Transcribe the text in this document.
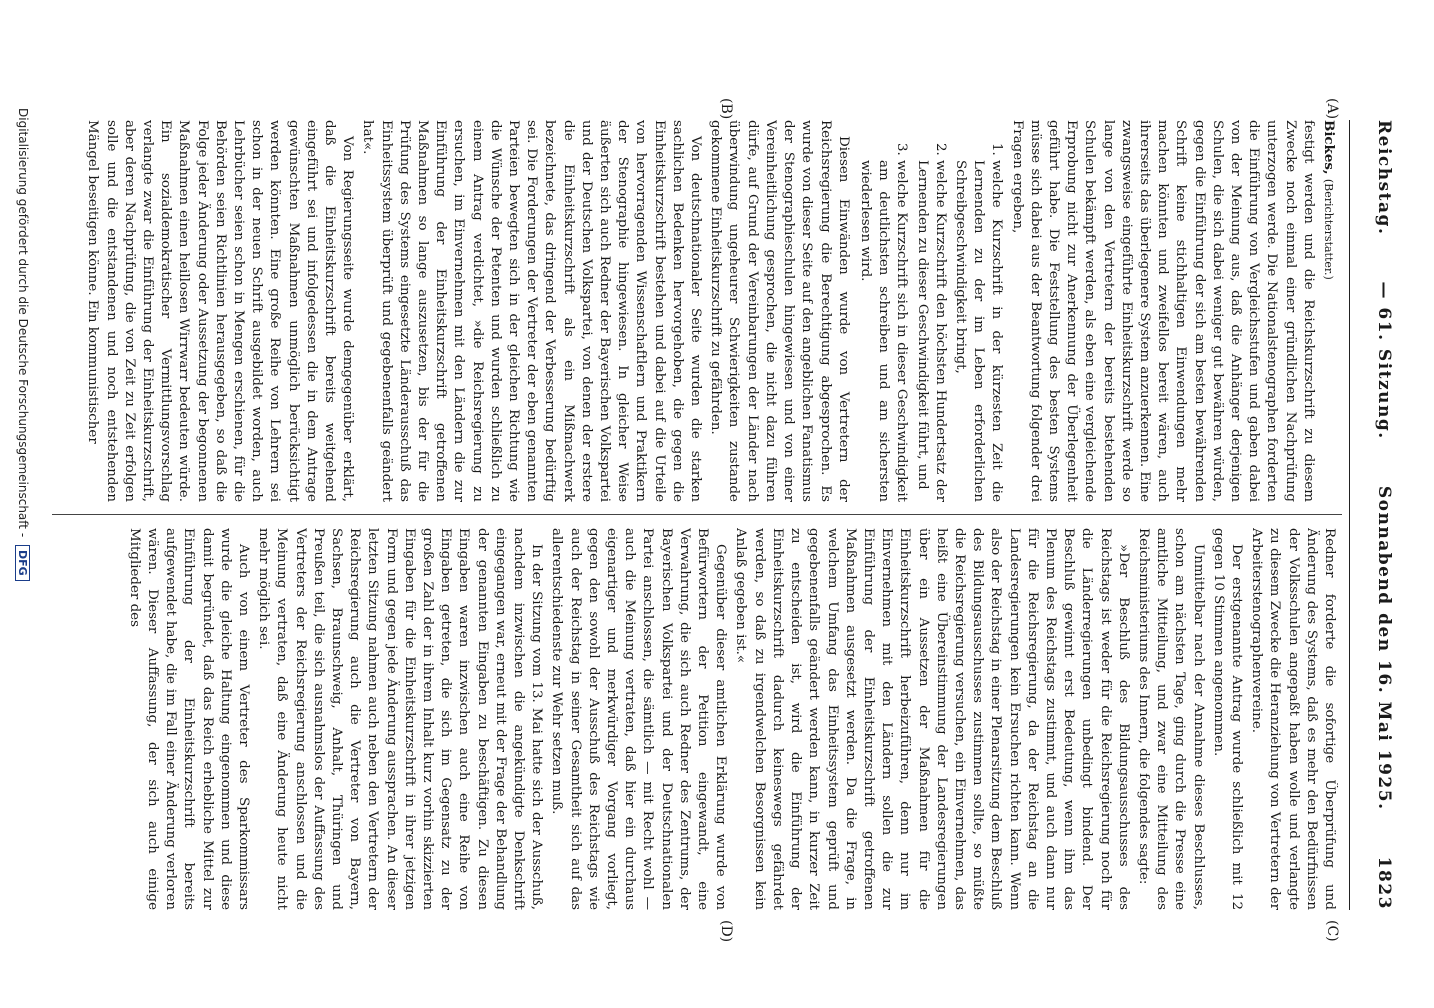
Reichstag.
— 61. Sitzung.
Sonnabend den 16. Mai 1925.
1823
(A)
(B)
(C)
(D)

Bickes, (Berichterstatter.)

festigt werden und die Reichskurzschrift zu diesem Zwecke noch einmal einer gründlichen Nachprüfung unterzogen werde. Die Nationalstenographen forderten die Einführung von Vergleichsstufen und gaben dabei von der Meinung aus, daß die Anhänger derjenigen Schulen, die sich dabei weniger gut bewähren würden, gegen die Einführung der sich am besten bewährenden Schrift keine stichhaltigen Einwendungen mehr machen könnten und zweifellos bereit wären, auch ihrerseits das überlegenere System anzuerkennen. Eine zwangsweise eingeführte Einheitskurzschrift werde so lange von den Vertretern der bereits bestehenden Schulen bekämpft werden, als eben eine vergleichende Erprobung nicht zur Anerkennung der Überlegenheit geführt habe. Die Feststellung des besten Systems müsse sich dabei aus der Beantwortung folgender drei Fragen ergeben,

1. welche Kurzschrift in der kürzesten Zeit die Lernenden zu der im Leben erforderlichen Schreibgeschwindigkeit bringt,
2. welche Kurzschrift den höchsten Hundertsatz der Lernenden zu dieser Geschwindigkeit führt, und
3. welche Kurzschrift sich in dieser Geschwindigkeit am deutlichsten schreiben und am sichersten wiederlesen wird.

Diesen Einwänden wurde von Vertretern der Reichsregierung die Berechtigung abgesprochen. Es wurde von dieser Seite auf den angeblichen Fanatismus der Stenographieschulen hingewiesen und von einer Vereinheitlichung gesprochen, die nicht dazu führen dürfe, auf Grund der Vereinbarungen der Länder nach überwindung ungeheurer Schwierigkeiten zustande gekommene Einheitskurzschrift zu gefährden.

Von deutschnationaler Seite wurden die starken sachlichen Bedenken hervorgehoben, die gegen die Einheitskurzschrift bestehen und dabei auf die Urteile von hervorragenden Wissenschaftlern und Praktikern der Stenographie hingewiesen. In gleicher Weise äußerten sich auch Redner der Bayerischen Volkspartei und der Deutschen Volkspartei, von denen der erstere die Einheitskurzschrift als ein Mißmachwerk bezeichnete, das dringend der Verbesserung bedürftig sei. Die Forderungen der Vertreter der eben genannten Parteien bewegten sich in der gleichen Richtung wie die Wünsche der Petenten und wurden schließlich zu einem Antrag verdichtet, »die Reichsregierung zu ersuchen, im Einvernehmen mit den Ländern die zur Einführung der Einheitskurzschrift getroffenen Maßnahmen so lange auszusetzen, bis der für die Prüfung des Systems eingesetzte Länderausschuß das Einheitssystem überprüft und gegebenenfalls geändert hat«.

Von Regierungsseite wurde demgegenüber erklärt, daß die Einheitskurzschrift bereits weitgehend eingeführt sei und infolgedessen die in dem Antrage gewünschten Maßnahmen unmöglich berücksichtigt werden könnten. Eine große Reihe von Lehrern sei schon in der neuen Schrift ausgebildet worden, auch Lehrbücher seien schon in Mengen erschienen, für die Behörden seien Richtlinien herausgegeben, so daß die Folge jeder Änderung oder Aussetzung der begonnenen Maßnahmen einen heillosen Wirrwarr bedeuten würde. Ein sozialdemokratischer Vermittlungsvorschlag verlangte zwar die Einführung der Einheitskurzschrift, aber deren Nachprüfung, die von Zeit zu Zeit erfolgen solle und die entstandenen und noch entstehenden Mängel beseitigen könne. Ein kommunistischer

Redner forderte die sofortige Überprüfung und Änderung des Systems, daß es mehr den Bedürfnissen der Volksschulen angepaßt haben wolle und verlangte zu diesem Zwecke die Heranziehung von Vertretern der Arbeiterstenographenvereine.

Der erstgenannte Antrag wurde schließlich mit 12 gegen 10 Stimmen angenommen.

Unmittelbar nach der Annahme dieses Beschlusses, schon am nächsten Tage, ging durch die Presse eine amtliche Mitteilung, und zwar eine Mitteilung des Reichsministeriums des Innern, die folgendes sagte:

»Der Beschluß des Bildungsausschusses des Reichstags ist weder für die Reichsregierung noch für die Länderregierungen unbedingt bindend. Der Beschluß gewinnt erst Bedeutung, wenn ihm das Plenum des Reichstags zustimmt, und auch dann nur für die Reichsregierung, da der Reichstag an die Landesregierungen kein Ersuchen richten kann. Wenn also der Reichstag in einer Plenarsitzung dem Beschluß des Bildungsausschusses zustimmen sollte, so müßte die Reichsregierung versuchen, ein Einvernehmen, das heißt eine Übereinstimmung der Landesregierungen über ein Aussetzen der Maßnahmen für die Einheitskurzschrift herbeizuführen, denn nur im Einvernehmen mit den Ländern sollen die zur Einführung der Einheitskurzschrift getroffenen Maßnahmen ausgesetzt werden. Da die Frage, in welchem Umfang das Einheitssystem geprüft und gegebenenfalls geändert werden kann, in kurzer Zeit zu entscheiden ist, wird die Einführung der Einheitskurzschrift dadurch keineswegs gefährdet werden, so daß zu irgendwelchen Besorgnissen kein Anlaß gegeben ist.«

Gegenüber dieser amtlichen Erklärung wurde von Befürwortern der Petition eingewandt, eine Verwahrung, die sich auch Redner des Zentrums, der Bayerischen Volkspartei und der Deutschnationalen Partei anschlossen, die sämtlich — mit Recht wohl — auch die Meinung vertraten, daß hier ein durchaus eigenartiger und merkwürdiger Vorgang vorliegt, gegen den sowohl der Ausschuß des Reichstags wie auch der Reichstag in seiner Gesamtheit sich auf das allerentschiedenste zur Wehr setzen muß.

In der Sitzung vom 13. Mai hatte sich der Ausschuß, nachdem inzwischen die angekündigte Denkschrift eingegangen war, erneut mit der Frage der Behandlung der genannten Eingaben zu beschäftigen. Zu diesen Eingaben waren inzwischen auch eine Reihe von Eingaben getreten, die sich im Gegensatz zu der großen Zahl der in ihrem Inhalt kurz vorhin skizzierten Eingaben für die Einheitskurzschrift in ihrer jetzigen Form und gegen jede Änderung aussprachen. An dieser letzten Sitzung nahmen auch neben den Vertretern der Reichsregierung auch die Vertreter von Bayern, Sachsen, Braunschweig, Anhalt, Thüringen und Preußen teil, die sich ausnahmslos der Auffassung des Vertreters der Reichsregierung anschlossen und die Meinung vertraten, daß eine Änderung heute nicht mehr möglich sei.

Auch von einem Vertreter des Sparkommissars wurde die gleiche Haltung eingenommen und diese damit begründet, daß das Reich erhebliche Mittel zur Einführung der Einheitskurzschrift bereits aufgewendet habe, die im Fall einer Änderung verloren wären. Dieser Auffassung, der sich auch einige Mitglieder des

Digitalisierung gefördert durch die Deutsche Forschungsgemeinschaft - DFG
